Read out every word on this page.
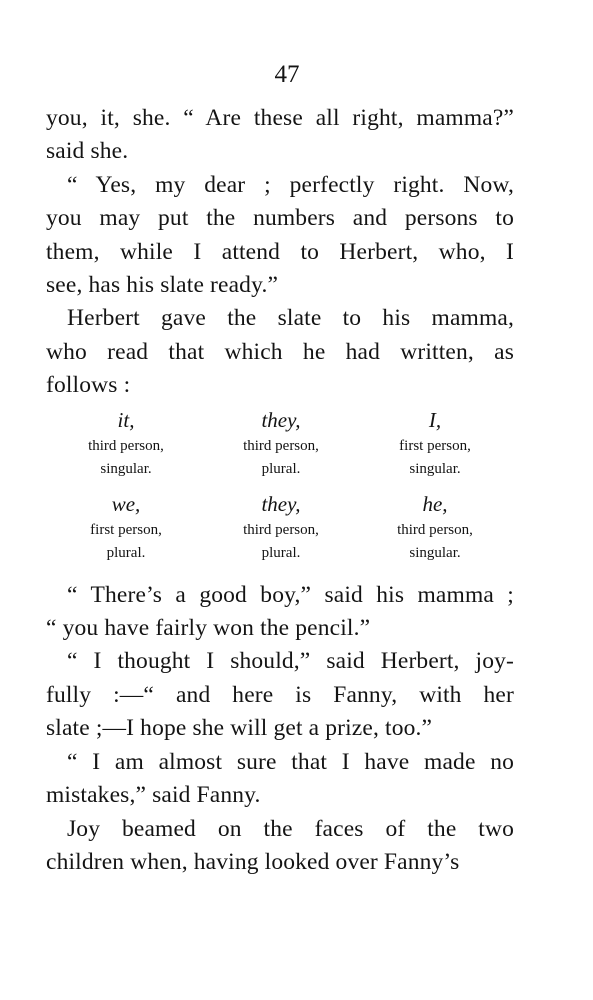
47

you, it, she. “ Are these all right, mamma?”
said she.

“ Yes, my dear ; perfectly right. Now,
you may put the numbers and persons to
them, while I attend to Herbert, who, I
see, has his slate ready.”

Herbert gave the slate to his mamma,
who read that which he had written, as
follows :

it,
third person,
singular.
they,
third person,
plural.
I,
first person,
singular.
we,
first person,
plural.
they,
third person,
plural.
he,
third person,
singular.

“ There’s a good boy,” said his mamma ;
“ you have fairly won the pencil.”

“ I thought I should,” said Herbert, joy-
fully :—“ and here is Fanny, with her
slate ;—I hope she will get a prize, too.”

“ I am almost sure that I have made no
mistakes,” said Fanny.

Joy beamed on the faces of the two
children when, having looked over Fanny’s
